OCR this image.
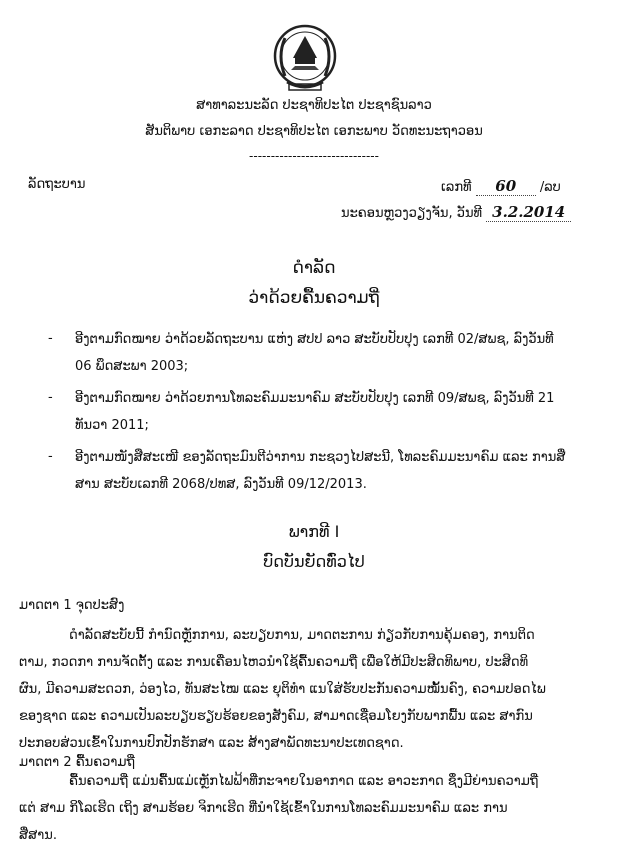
ສາທາລະນະລັດ ປະຊາທິປະໄຕ ປະຊາຊົນລາວ
ສັນຕິພາບ ເອກະລາດ ປະຊາທິປະໄຕ ເອກະພາບ ວັດທະນະຖາວອນ
------------------------------
ລັດຖະບານ	ເລກທີ 60 /ລບ
ນະຄອນຫຼວງວຽງຈັນ, ວັນທີ 3.2.2014
ດຳລັດ
ວ່າດ້ວຍຄື້ນຄວາມຖີ່
- ອີງຕາມກົດໝາຍ ວ່າດ້ວຍລັດຖະບານ ແຫ່ງ ສປປ ລາວ ສະບັບປັບປຸງ ເລກທີ 02/ສພຊ, ລົງວັນທີ
06 ພຶດສະພາ 2003;
- ອີງຕາມກົດໝາຍ ວ່າດ້ວຍການໂທລະຄົມມະນາຄົມ ສະບັບປັບປຸງ ເລກທີ 09/ສພຊ, ລົງວັນທີ 21
ທັນວາ 2011;
- ອີງຕາມໜັງສືສະເໜີ ຂອງລັດຖະມົນຕີວ່າການ ກະຊວງໄປສະນີ, ໂທລະຄົມມະນາຄົມ ແລະ ການສື່
ສານ ສະບັບເລກທີ 2068/ປທສ, ລົງວັນທີ 09/12/2013.
ພາກທີ I
ບົດບັນຍັດທົ່ວໄປ
ມາດຕາ 1 ຈຸດປະສົງ
ດຳລັດສະບັບນີ້ ກຳນົດຫຼັກການ, ລະບຽບການ, ມາດຕະການ ກ່ຽວກັບການຄຸ້ມຄອງ, ການຕິດ
ຕາມ, ກວດກາ ການຈັດຕັ້ງ ແລະ ການເຄື່ອນໄຫວນຳໃຊ້ຄື້ນຄວາມຖີ່ ເພື່ອໃຫ້ມີປະສິດທິພາບ, ປະສິດທິ
ຜົນ, ມີຄວາມສະດວກ, ວ່ອງໄວ, ທັນສະໄໝ ແລະ ຍຸຕິທຳ ແນໃສ່ຮັບປະກັນຄວາມໝັ້ນຄົງ, ຄວາມປອດໄພ
ຂອງຊາດ ແລະ ຄວາມເປັນລະບຽບຮຽບຮ້ອຍຂອງສັງຄົມ, ສາມາດເຊື່ອມໂຍງກັບພາກພື້ນ ແລະ ສາກົນ
ປະກອບສ່ວນເຂົ້າໃນການປົກປັກຮັກສາ ແລະ ສ້າງສາພັດທະນາປະເທດຊາດ.
ມາດຕາ 2 ຄື້ນຄວາມຖີ່
ຄື້ນຄວາມຖີ່ ແມ່ນຄື້ນແມ່ເຫຼັກໄຟຟ້າທີ່ກະຈາຍໃນອາກາດ ແລະ ອາວະກາດ ຊຶ່ງມີຍ່ານຄວາມຖີ່
ແຕ່ ສາມ ກິໂລເຮີດ ເຖິງ ສາມຮ້ອຍ ຈິກາເຮີດ ທີ່ນຳໃຊ້ເຂົ້າໃນການໂທລະຄົມມະນາຄົມ ແລະ ການ
ສື່ສານ.
